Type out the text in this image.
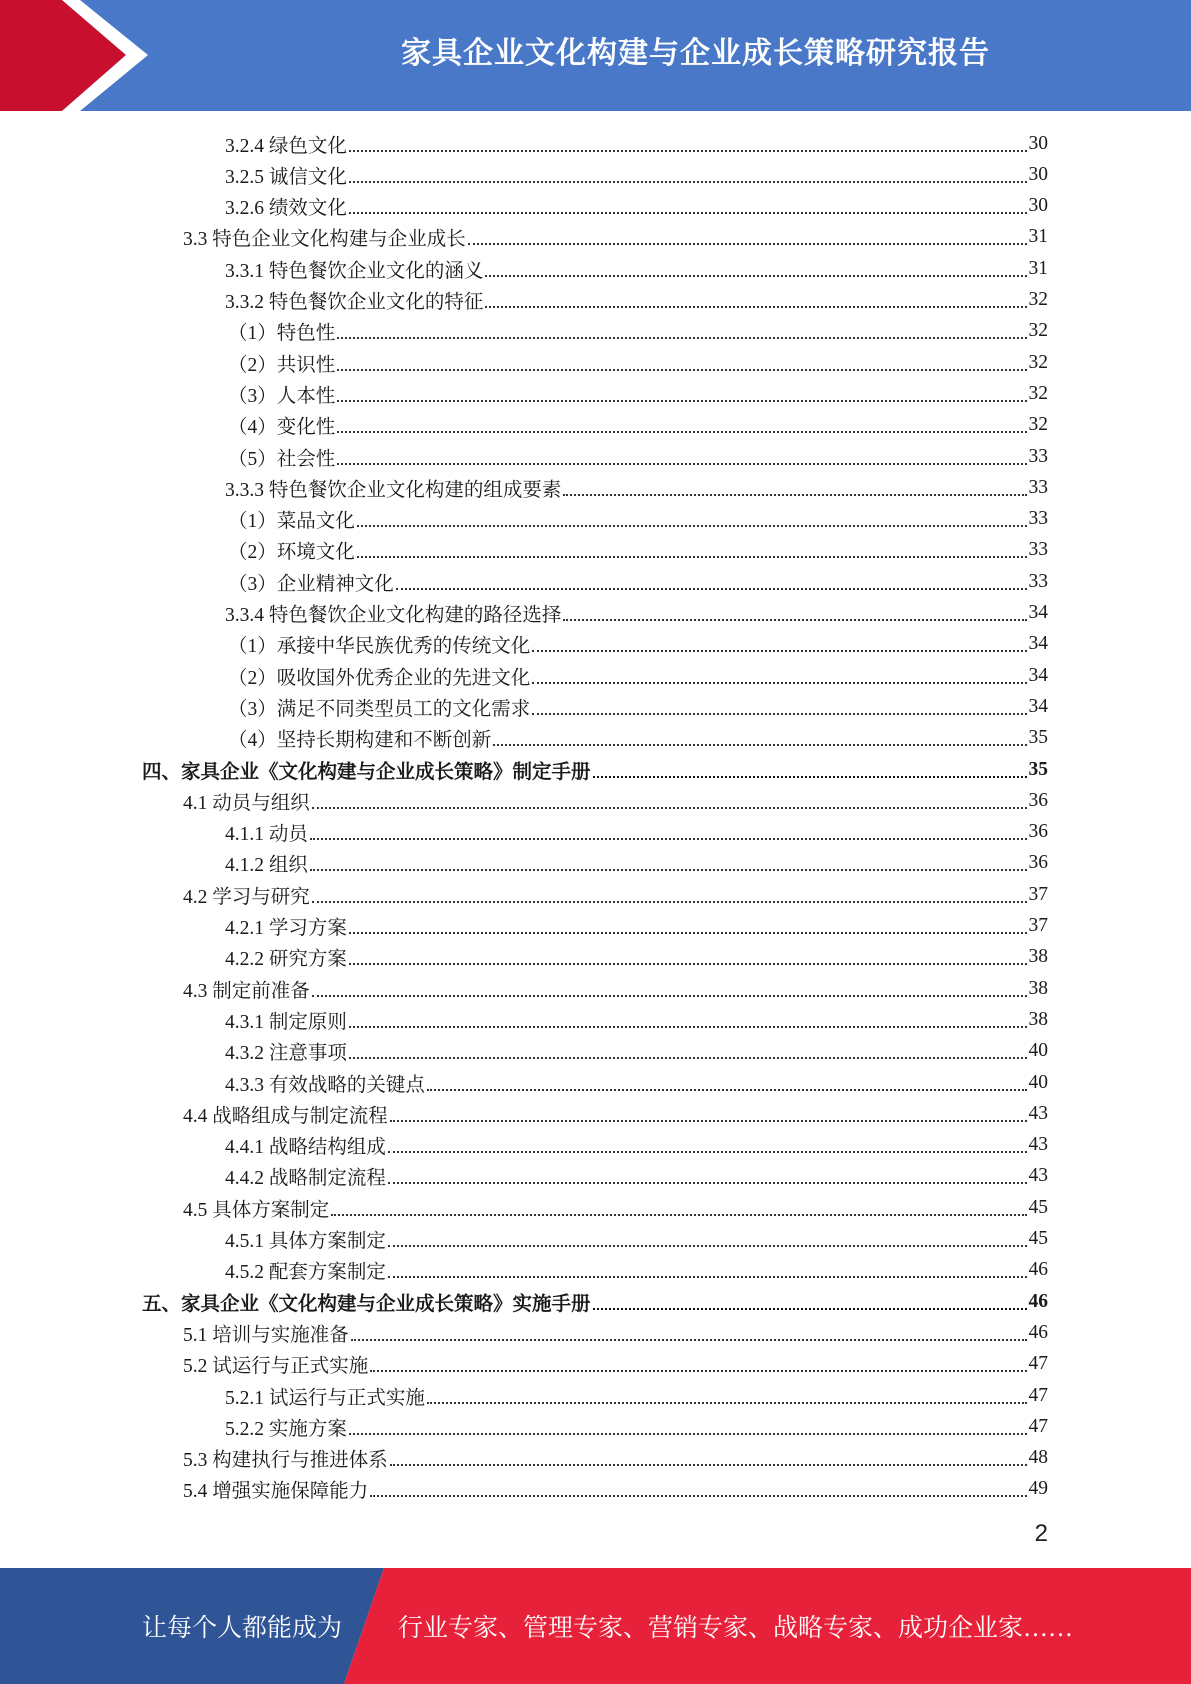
家具企业文化构建与企业成长策略研究报告
3.2.4 绿色文化	30
3.2.5 诚信文化	30
3.2.6 绩效文化	30
3.3 特色企业文化构建与企业成长	31
3.3.1 特色餐饮企业文化的涵义	31
3.3.2 特色餐饮企业文化的特征	32
（1）特色性	32
（2）共识性	32
（3）人本性	32
（4）变化性	32
（5）社会性	33
3.3.3 特色餐饮企业文化构建的组成要素	33
（1）菜品文化	33
（2）环境文化	33
（3）企业精神文化	33
3.3.4 特色餐饮企业文化构建的路径选择	34
（1）承接中华民族优秀的传统文化	34
（2）吸收国外优秀企业的先进文化	34
（3）满足不同类型员工的文化需求	34
（4）坚持长期构建和不断创新	35
四、家具企业《文化构建与企业成长策略》制定手册	35
4.1 动员与组织	36
4.1.1 动员	36
4.1.2 组织	36
4.2 学习与研究	37
4.2.1 学习方案	37
4.2.2 研究方案	38
4.3 制定前准备	38
4.3.1 制定原则	38
4.3.2 注意事项	40
4.3.3 有效战略的关键点	40
4.4 战略组成与制定流程	43
4.4.1 战略结构组成	43
4.4.2 战略制定流程	43
4.5 具体方案制定	45
4.5.1 具体方案制定	45
4.5.2 配套方案制定	46
五、家具企业《文化构建与企业成长策略》实施手册	46
5.1 培训与实施准备	46
5.2 试运行与正式实施	47
5.2.1 试运行与正式实施	47
5.2.2 实施方案	47
5.3 构建执行与推进体系	48
5.4 增强实施保障能力	49
2
让每个人都能成为 行业专家、管理专家、营销专家、战略专家、成功企业家……
